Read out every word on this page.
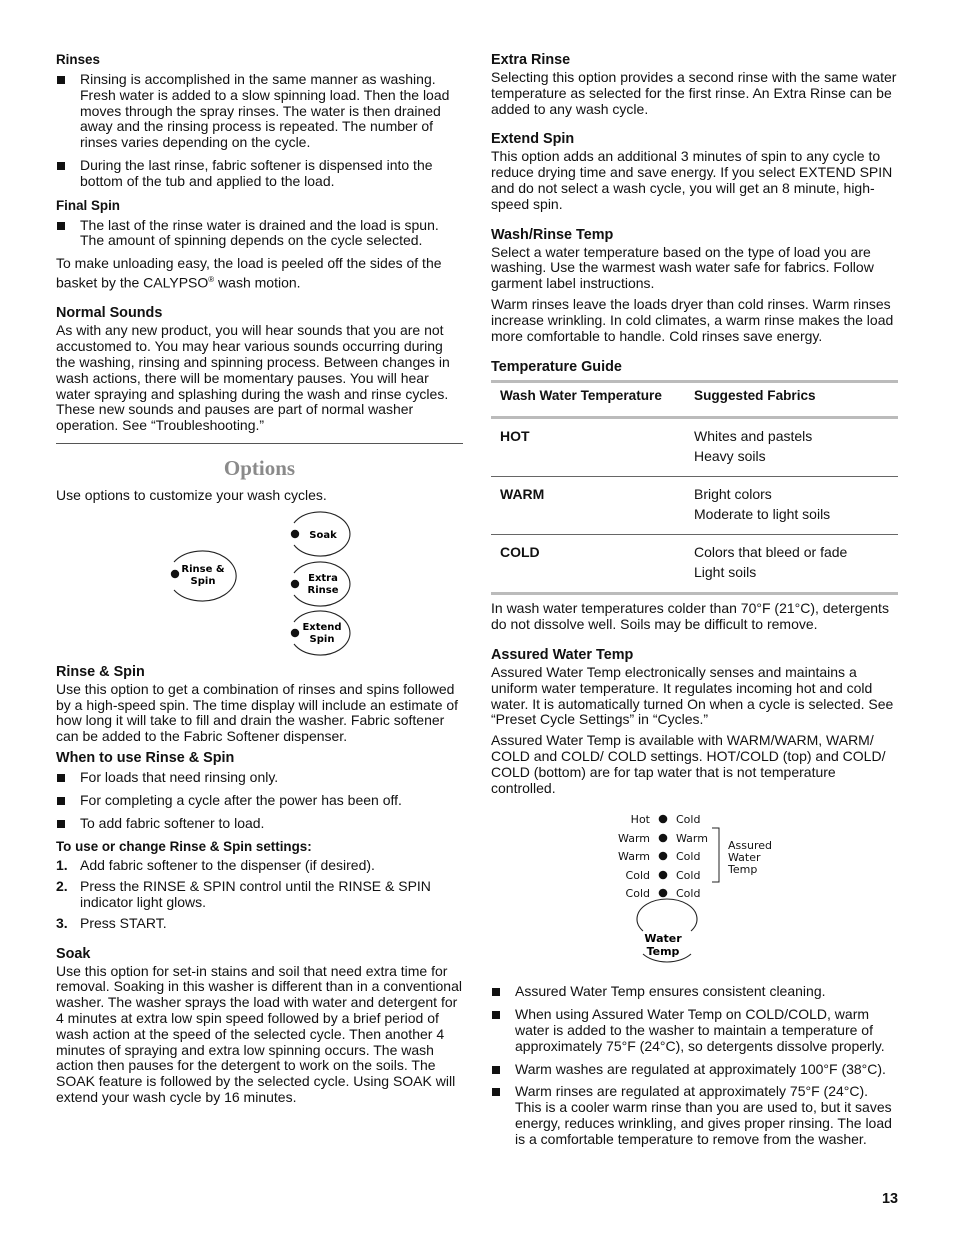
Rinses
Rinsing is accomplished in the same manner as washing. Fresh water is added to a slow spinning load. Then the load moves through the spray rinses. The water is then drained away and the rinsing process is repeated. The number of rinses varies depending on the cycle.
During the last rinse, fabric softener is dispensed into the bottom of the tub and applied to the load.
Final Spin
The last of the rinse water is drained and the load is spun. The amount of spinning depends on the cycle selected.

To make unloading easy, the load is peeled off the sides of the basket by the CALYPSO® wash motion.

Normal Sounds

As with any new product, you will hear sounds that you are not accustomed to. You may hear various sounds occurring during the washing, rinsing and spinning process. Between changes in wash actions, there will be momentary pauses. You will hear water spraying and splashing during the wash and rinse cycles. These new sounds and pauses are part of normal washer operation. See “Troubleshooting.”

Options

Use options to customize your wash cycles.

Rinse &
Spin
Soak
Extra
Rinse
Extend
Spin
Rinse & Spin

Use this option to get a combination of rinses and spins followed by a high-speed spin. The time display will include an estimate of how long it will take to fill and drain the washer. Fabric softener can be added to the Fabric Softener dispenser.

When to use Rinse & Spin
For loads that need rinsing only.
For completing a cycle after the power has been off.
To add fabric softener to load.
To use or change Rinse & Spin settings:
1. Add fabric softener to the dispenser (if desired).
2. Press the RINSE & SPIN control until the RINSE & SPIN indicator light glows.
3. Press START.
Soak

Use this option for set-in stains and soil that need extra time for removal. Soaking in this washer is different than in a conventional washer. The washer sprays the load with water and detergent for 4 minutes at extra low spin speed followed by a brief period of wash action at the speed of the selected cycle. Then another 4 minutes of spraying and extra low spinning occurs. The wash action then pauses for the detergent to work on the soils. The SOAK feature is followed by the selected cycle. Using SOAK will extend your wash cycle by 16 minutes.

Extra Rinse

Selecting this option provides a second rinse with the same water temperature as selected for the first rinse. An Extra Rinse can be added to any wash cycle.

Extend Spin

This option adds an additional 3 minutes of spin to any cycle to reduce drying time and save energy. If you select EXTEND SPIN and do not select a wash cycle, you will get an 8 minute, high-speed spin.

Wash/Rinse Temp

Select a water temperature based on the type of load you are washing. Use the warmest wash water safe for fabrics. Follow garment label instructions.

Warm rinses leave the loads dryer than cold rinses. Warm rinses increase wrinkling. In cold climates, a warm rinse makes the load more comfortable to handle. Cold rinses save energy.

Temperature Guide
Wash Water Temperature	Suggested Fabrics
HOT	Whites and pastels
Heavy soils

WARM	Bright colors
Moderate to light soils

COLD	Colors that bleed or fade
Light soils

In wash water temperatures colder than 70°F (21°C), detergents do not dissolve well. Soils may be difficult to remove.

Assured Water Temp

Assured Water Temp electronically senses and maintains a uniform water temperature. It regulates incoming hot and cold water. It is automatically turned On when a cycle is selected. See “Preset Cycle Settings” in “Cycles.”

Assured Water Temp is available with WARM/WARM, WARM/ COLD and COLD/ COLD settings. HOT/COLD (top) and COLD/ COLD (bottom) are for tap water that is not temperature controlled.

Hot Cold
Warm Warm
Warm Cold
Cold Cold
Cold Cold
Assured
Water
Temp
Water
Temp
Assured Water Temp ensures consistent cleaning.
When using Assured Water Temp on COLD/COLD, warm water is added to the washer to maintain a temperature of approximately 75°F (24°C), so detergents dissolve properly.
Warm washes are regulated at approximately 100°F (38°C).
Warm rinses are regulated at approximately 75°F (24°C). This is a cooler warm rinse than you are used to, but it saves energy, reduces wrinkling, and gives proper rinsing. The load is a comfortable temperature to remove from the washer.
13
